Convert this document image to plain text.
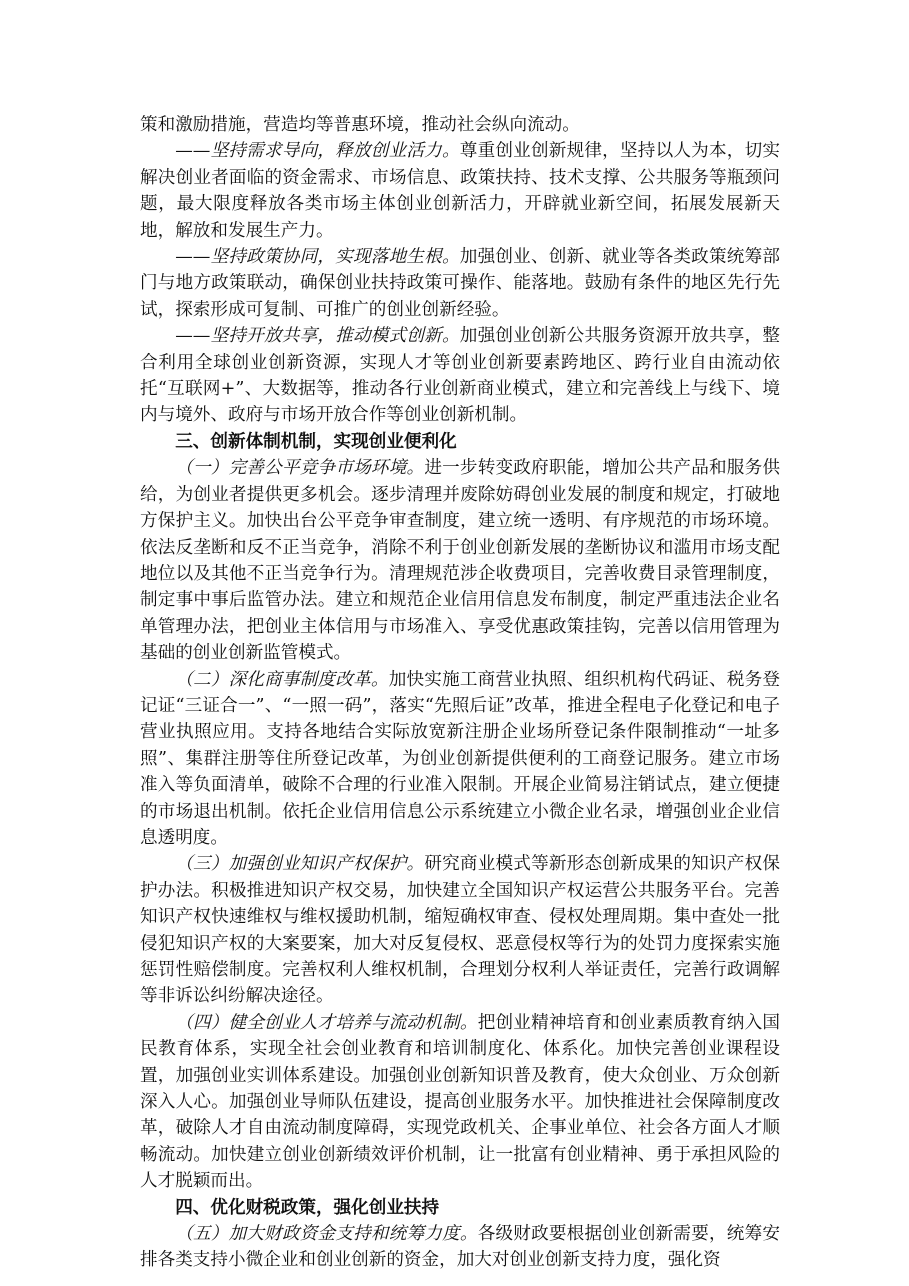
策和激励措施，营造均等普惠环境，推动社会纵向流动。

——坚持需求导向，释放创业活力。尊重创业创新规律，坚持以人为本，切实解决创业者面临的资金需求、市场信息、政策扶持、技术支撑、公共服务等瓶颈问题，最大限度释放各类市场主体创业创新活力，开辟就业新空间，拓展发展新天地，解放和发展生产力。

——坚持政策协同，实现落地生根。加强创业、创新、就业等各类政策统筹部门与地方政策联动，确保创业扶持政策可操作、能落地。鼓励有条件的地区先行先试，探索形成可复制、可推广的创业创新经验。

——坚持开放共享，推动模式创新。加强创业创新公共服务资源开放共享，整合利用全球创业创新资源，实现人才等创业创新要素跨地区、跨行业自由流动依托“互联网+”、大数据等，推动各行业创新商业模式，建立和完善线上与线下、境内与境外、政府与市场开放合作等创业创新机制。

三、创新体制机制，实现创业便利化

（一）完善公平竞争市场环境。进一步转变政府职能，增加公共产品和服务供给，为创业者提供更多机会。逐步清理并废除妨碍创业发展的制度和规定，打破地方保护主义。加快出台公平竞争审查制度，建立统一透明、有序规范的市场环境。依法反垄断和反不正当竞争，消除不利于创业创新发展的垄断协议和滥用市场支配地位以及其他不正当竞争行为。清理规范涉企收费项目，完善收费目录管理制度，制定事中事后监管办法。建立和规范企业信用信息发布制度，制定严重违法企业名单管理办法，把创业主体信用与市场准入、享受优惠政策挂钩，完善以信用管理为基础的创业创新监管模式。

（二）深化商事制度改革。加快实施工商营业执照、组织机构代码证、税务登记证“三证合一”、“一照一码”，落实“先照后证”改革，推进全程电子化登记和电子营业执照应用。支持各地结合实际放宽新注册企业场所登记条件限制推动“一址多照”、集群注册等住所登记改革，为创业创新提供便利的工商登记服务。建立市场准入等负面清单，破除不合理的行业准入限制。开展企业简易注销试点，建立便捷的市场退出机制。依托企业信用信息公示系统建立小微企业名录，增强创业企业信息透明度。

（三）加强创业知识产权保护。研究商业模式等新形态创新成果的知识产权保护办法。积极推进知识产权交易，加快建立全国知识产权运营公共服务平台。完善知识产权快速维权与维权援助机制，缩短确权审查、侵权处理周期。集中查处一批侵犯知识产权的大案要案，加大对反复侵权、恶意侵权等行为的处罚力度探索实施惩罚性赔偿制度。完善权利人维权机制，合理划分权利人举证责任，完善行政调解等非诉讼纠纷解决途径。

（四）健全创业人才培养与流动机制。把创业精神培育和创业素质教育纳入国民教育体系，实现全社会创业教育和培训制度化、体系化。加快完善创业课程设置，加强创业实训体系建设。加强创业创新知识普及教育，使大众创业、万众创新深入人心。加强创业导师队伍建设，提高创业服务水平。加快推进社会保障制度改革，破除人才自由流动制度障碍，实现党政机关、企事业单位、社会各方面人才顺畅流动。加快建立创业创新绩效评价机制，让一批富有创业精神、勇于承担风险的人才脱颖而出。

四、优化财税政策，强化创业扶持

（五）加大财政资金支持和统筹力度。各级财政要根据创业创新需要，统筹安排各类支持小微企业和创业创新的资金，加大对创业创新支持力度，强化资
